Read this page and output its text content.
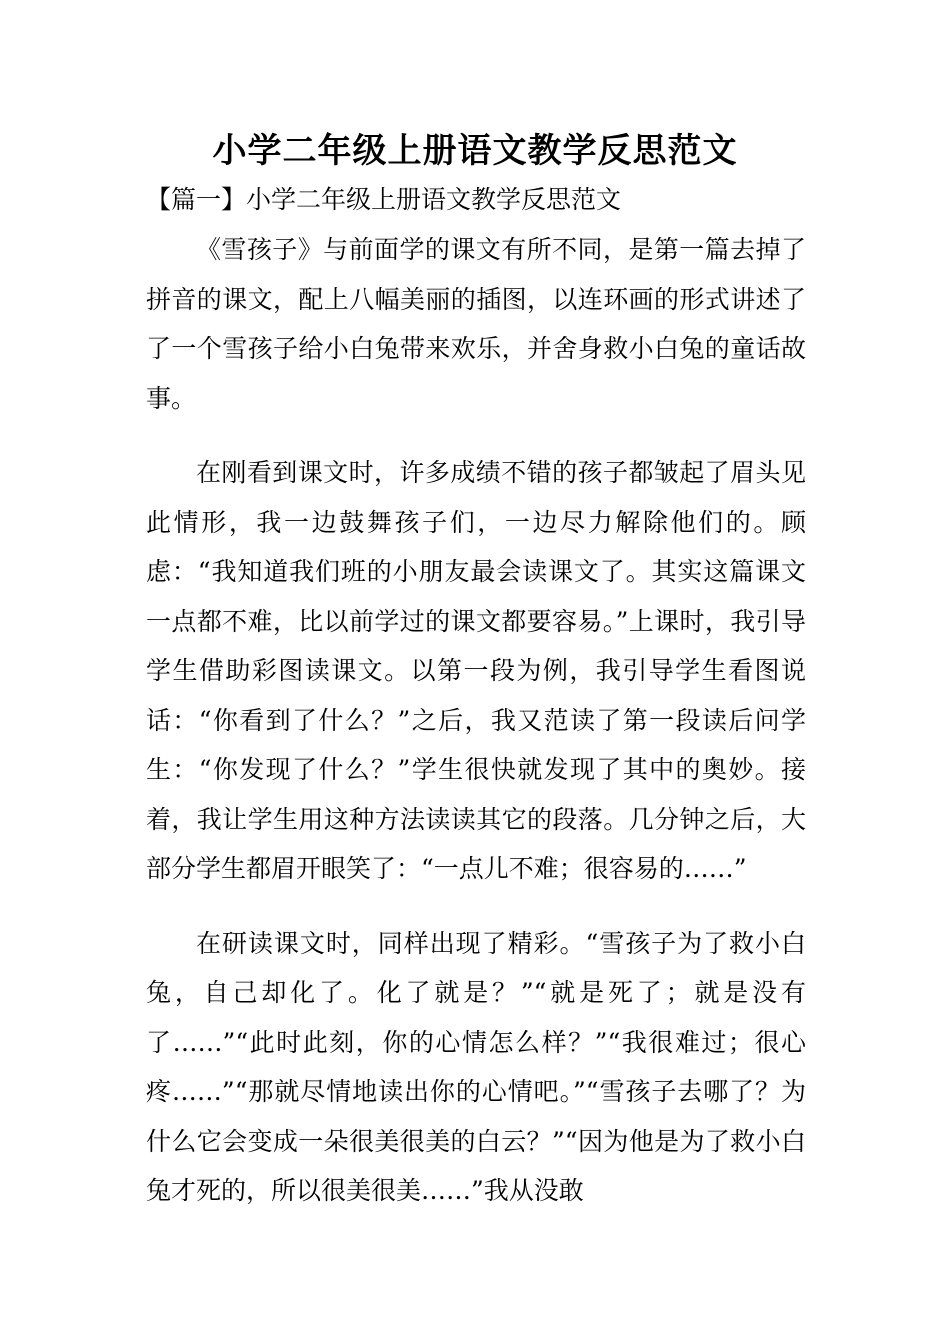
小学二年级上册语文教学反思范文
【篇一】小学二年级上册语文教学反思范文

《雪孩子》与前面学的课文有所不同，是第一篇去掉了拼音的课文，配上八幅美丽的插图，以连环画的形式讲述了了一个雪孩子给小白兔带来欢乐，并舍身救小白兔的童话故事。

在刚看到课文时，许多成绩不错的孩子都皱起了眉头见此情形，我一边鼓舞孩子们，一边尽力解除他们的。顾虑：“我知道我们班的小朋友最会读课文了。其实这篇课文一点都不难，比以前学过的课文都要容易。”上课时，我引导学生借助彩图读课文。以第一段为例，我引导学生看图说话：“你看到了什么？”之后，我又范读了第一段读后问学生：“你发现了什么？”学生很快就发现了其中的奥妙。接着，我让学生用这种方法读读其它的段落。几分钟之后，大部分学生都眉开眼笑了：“一点儿不难；很容易的……”

在研读课文时，同样出现了精彩。“雪孩子为了救小白兔，自己却化了。化了就是？”“就是死了；就是没有了……”“此时此刻，你的心情怎么样？”“我很难过；很心疼……”“那就尽情地读出你的心情吧。”“雪孩子去哪了？为什么它会变成一朵很美很美的白云？”“因为他是为了救小白兔才死的，所以很美很美……”我从没敢
